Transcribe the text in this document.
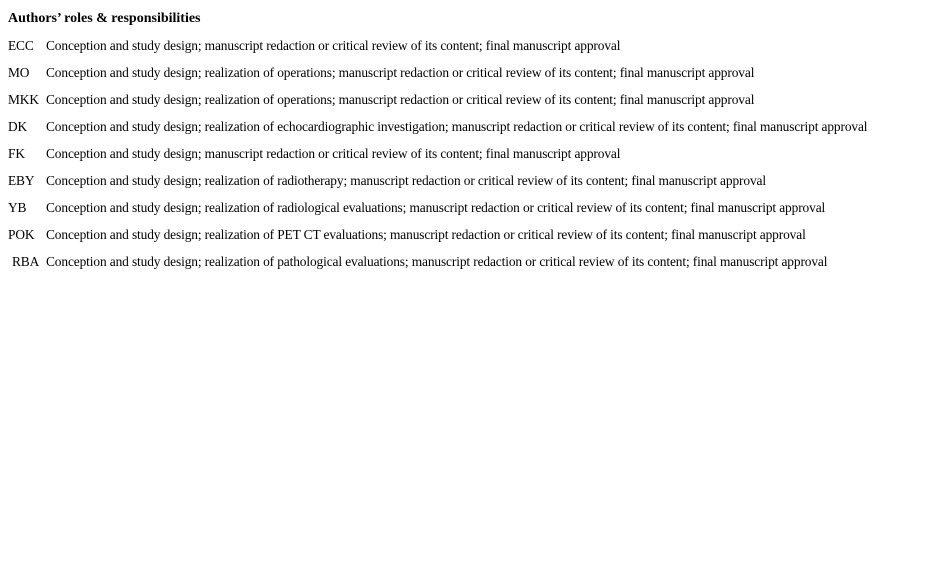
Authors’ roles & responsibilities
ECC	Conception and study design; manuscript redaction or critical review of its content; final manuscript approval
MO	Conception and study design; realization of operations; manuscript redaction or critical review of its content; final manuscript approval
MKK	Conception and study design; realization of operations; manuscript redaction or critical review of its content; final manuscript approval
DK	Conception and study design; realization of echocardiographic investigation; manuscript redaction or critical review of its content; final manuscript approval
FK	Conception and study design; manuscript redaction or critical review of its content; final manuscript approval
EBY	Conception and study design; realization of radiotherapy; manuscript redaction or critical review of its content; final manuscript approval
YB	Conception and study design; realization of radiological evaluations; manuscript redaction or critical review of its content; final manuscript approval
POK	Conception and study design; realization of PET CT evaluations; manuscript redaction or critical review of its content; final manuscript approval
RBA	Conception and study design; realization of pathological evaluations; manuscript redaction or critical review of its content; final manuscript approval
